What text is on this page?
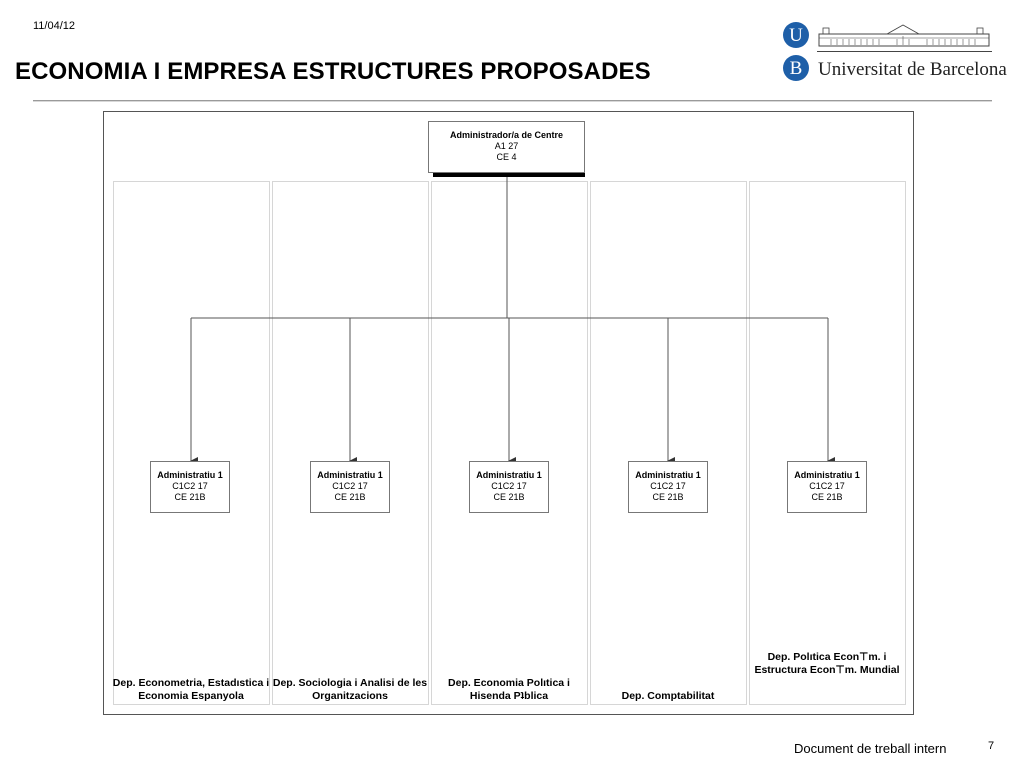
11/04/12
ECONOMIA I EMPRESA ESTRUCTURES PROPOSADES
U
B Universitat de Barcelona
Administrador/a de Centre
A1 27
CE 4
Administratiu 1
C1C2 17
CE 21B
Administratiu 1
C1C2 17
CE 21B
Administratiu 1
C1C2 17
CE 21B
Administratiu 1
C1C2 17
CE 21B
Administratiu 1
C1C2 17
CE 21B
Dep. Econometria, Estadıstica i Economia Espanyola
Dep. Sociologia i Analisi de les Organitzacions
Dep. Economia Polıtica i Hisenda Pʇblica	Dep. Comptabilitat
Dep. Polıtica Econ⊤m. i Estructura Econ⊤m. Mundial
Document de treball intern	7
